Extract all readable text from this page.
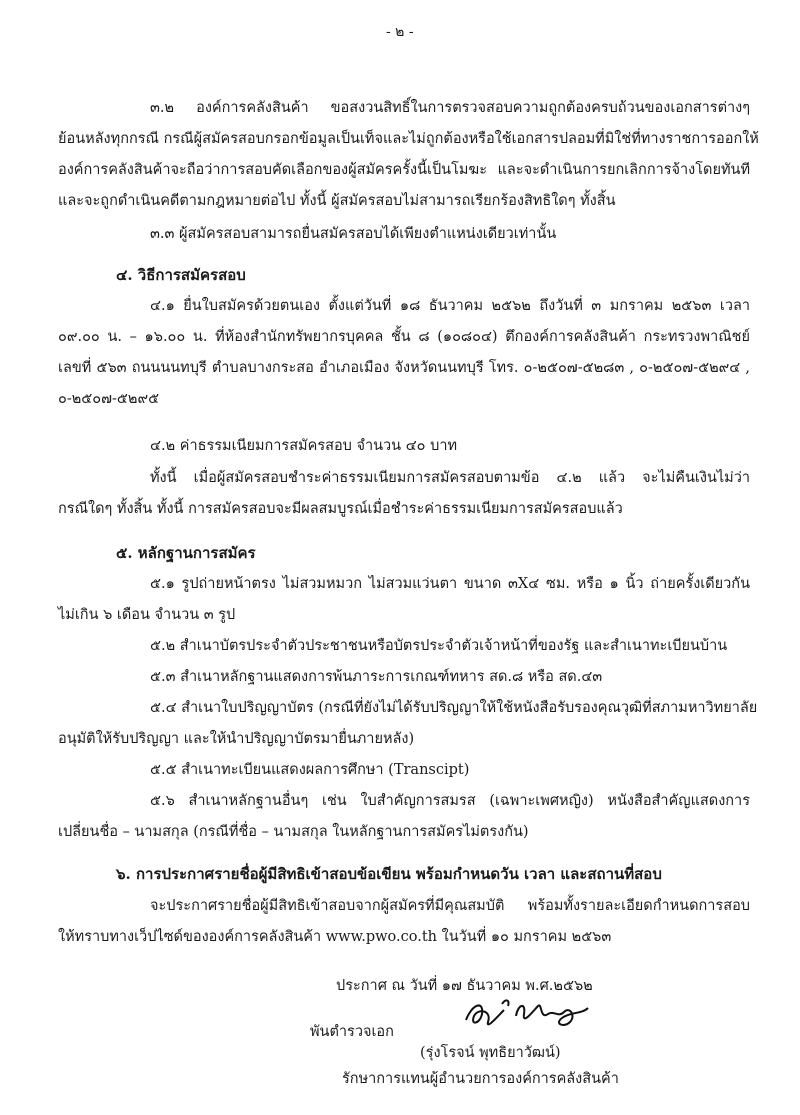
- ๒ -
๓.๒ องค์การคลังสินค้า ขอสงวนสิทธิ์ในการตรวจสอบความถูกต้องครบถ้วนของเอกสารต่างๆ
ย้อนหลังทุกกรณี กรณีผู้สมัครสอบกรอกข้อมูลเป็นเท็จและไม่ถูกต้องหรือใช้เอกสารปลอมที่มิใช่ที่ทางราชการออกให้
องค์การคลังสินค้าจะถือว่าการสอบคัดเลือกของผู้สมัครครั้งนี้เป็นโมฆะ และจะดำเนินการยกเลิกการจ้างโดยทันที
และจะถูกดำเนินคดีตามกฎหมายต่อไป ทั้งนี้ ผู้สมัครสอบไม่สามารถเรียกร้องสิทธิใดๆ ทั้งสิ้น
๓.๓ ผู้สมัครสอบสามารถยื่นสมัครสอบได้เพียงตำแหน่งเดียวเท่านั้น
๔. วิธีการสมัครสอบ
๔.๑ ยื่นใบสมัครด้วยตนเอง ตั้งแต่วันที่ ๑๘ ธันวาคม ๒๕๖๒ ถึงวันที่ ๓ มกราคม ๒๕๖๓ เวลา
๐๙.๐๐ น. – ๑๖.๐๐ น. ที่ห้องสำนักทรัพยากรบุคคล ชั้น ๘ (๑๐๘๐๔) ตึกองค์การคลังสินค้า กระทรวงพาณิชย์
เลขที่ ๕๖๓ ถนนนนทบุรี ตำบลบางกระสอ อำเภอเมือง จังหวัดนนทบุรี โทร. ๐-๒๕๐๗-๕๒๘๓ , ๐-๒๕๐๗-๕๒๙๔ ,
๐-๒๕๐๗-๕๒๙๕
๔.๒ ค่าธรรมเนียมการสมัครสอบ จำนวน ๔๐ บาท
ทั้งนี้ เมื่อผู้สมัครสอบชำระค่าธรรมเนียมการสมัครสอบตามข้อ ๔.๒ แล้ว จะไม่คืนเงินไม่ว่า
กรณีใดๆ ทั้งสิ้น ทั้งนี้ การสมัครสอบจะมีผลสมบูรณ์เมื่อชำระค่าธรรมเนียมการสมัครสอบแล้ว
๕. หลักฐานการสมัคร
๕.๑ รูปถ่ายหน้าตรง ไม่สวมหมวก ไม่สวมแว่นตา ขนาด ๓X๔ ซม. หรือ ๑ นิ้ว ถ่ายครั้งเดียวกัน
ไม่เกิน ๖ เดือน จำนวน ๓ รูป
๕.๒ สำเนาบัตรประจำตัวประชาชนหรือบัตรประจำตัวเจ้าหน้าที่ของรัฐ และสำเนาทะเบียนบ้าน
๕.๓ สำเนาหลักฐานแสดงการพ้นภาระการเกณฑ์ทหาร สด.๘ หรือ สด.๔๓
๕.๔ สำเนาใบปริญญาบัตร (กรณีที่ยังไม่ได้รับปริญญาให้ใช้หนังสือรับรองคุณวุฒิที่สภามหาวิทยาลัย
อนุมัติให้รับปริญญา และให้นำปริญญาบัตรมายื่นภายหลัง)
๕.๕ สำเนาทะเบียนแสดงผลการศึกษา (Transcipt)
๕.๖ สำเนาหลักฐานอื่นๆ เช่น ใบสำคัญการสมรส (เฉพาะเพศหญิง) หนังสือสำคัญแสดงการ
เปลี่ยนชื่อ – นามสกุล (กรณีที่ชื่อ – นามสกุล ในหลักฐานการสมัครไม่ตรงกัน)
๖. การประกาศรายชื่อผู้มีสิทธิเข้าสอบข้อเขียน พร้อมกำหนดวัน เวลา และสถานที่สอบ
จะประกาศรายชื่อผู้มีสิทธิเข้าสอบจากผู้สมัครที่มีคุณสมบัติ พร้อมทั้งรายละเอียดกำหนดการสอบ
ให้ทราบทางเว็ปไซด์ขององค์การคลังสินค้า www.pwo.co.th ในวันที่ ๑๐ มกราคม ๒๕๖๓
ประกาศ ณ วันที่ ๑๗ ธันวาคม พ.ศ.๒๕๖๒
พันตำรวจเอก
(รุ่งโรจน์ พุทธิยาวัฒน์)
รักษาการแทนผู้อำนวยการองค์การคลังสินค้า
